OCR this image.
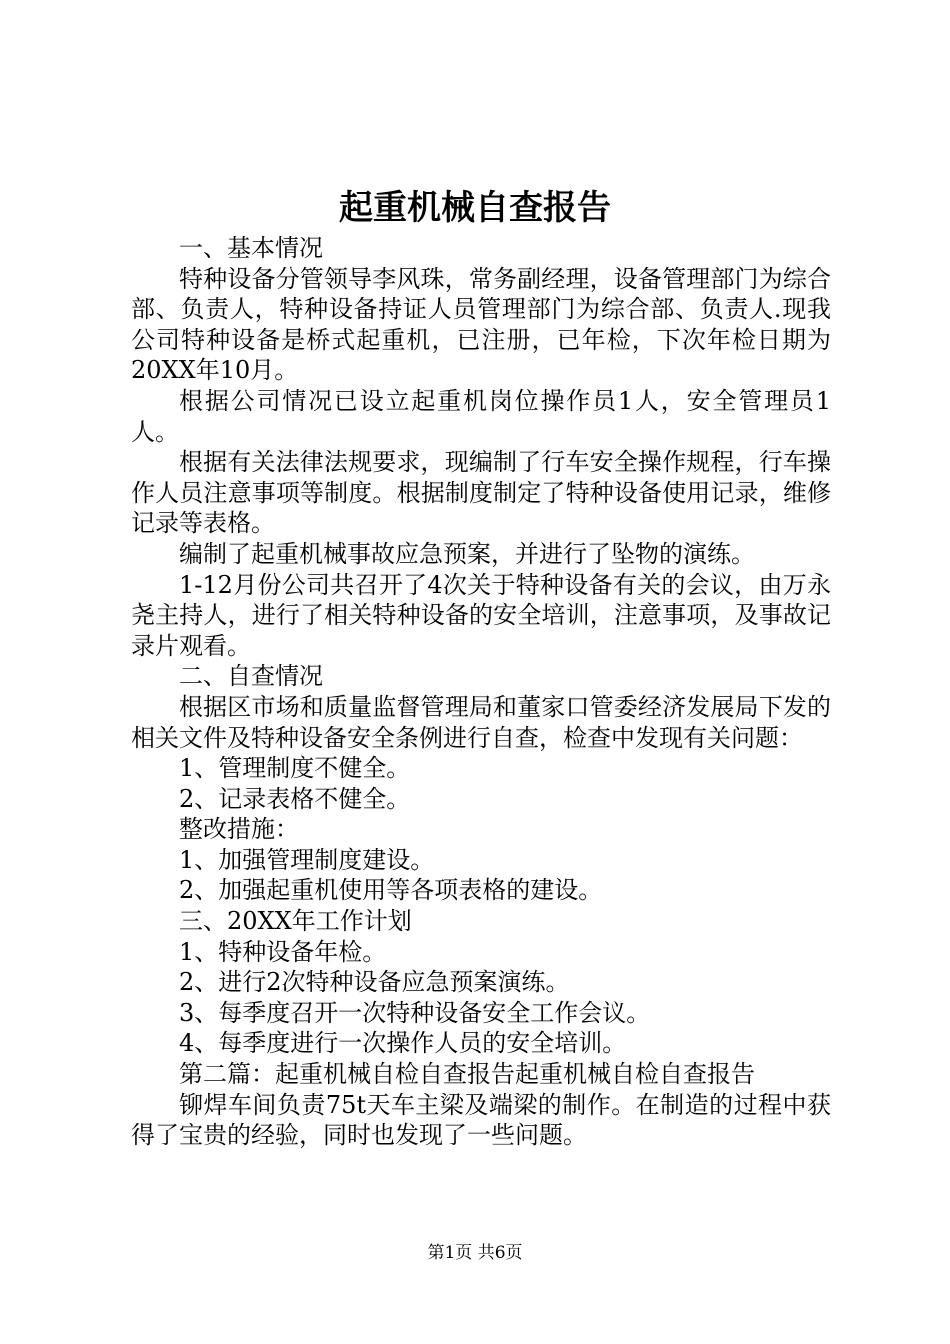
起重机械自查报告

一、基本情况

特种设备分管领导李风珠，常务副经理，设备管理部门为综合部、负责人，特种设备持证人员管理部门为综合部、负责人.现我公司特种设备是桥式起重机，已注册，已年检，下次年检日期为20XX年10月。

根据公司情况已设立起重机岗位操作员1人，安全管理员1人。

根据有关法律法规要求，现编制了行车安全操作规程，行车操作人员注意事项等制度。根据制度制定了特种设备使用记录，维修记录等表格。

编制了起重机械事故应急预案，并进行了坠物的演练。

1-12月份公司共召开了4次关于特种设备有关的会议，由万永尧主持人，进行了相关特种设备的安全培训，注意事项，及事故记录片观看。

二、自查情况

根据区市场和质量监督管理局和董家口管委经济发展局下发的相关文件及特种设备安全条例进行自查，检查中发现有关问题：

1、管理制度不健全。

2、记录表格不健全。

整改措施：

1、加强管理制度建设。

2、加强起重机使用等各项表格的建设。

三、20XX年工作计划

1、特种设备年检。

2、进行2次特种设备应急预案演练。

3、每季度召开一次特种设备安全工作会议。

4、每季度进行一次操作人员的安全培训。

第二篇：起重机械自检自查报告起重机械自检自查报告

铆焊车间负责75t天车主梁及端梁的制作。在制造的过程中获得了宝贵的经验，同时也发现了一些问题。

第1页 共6页
